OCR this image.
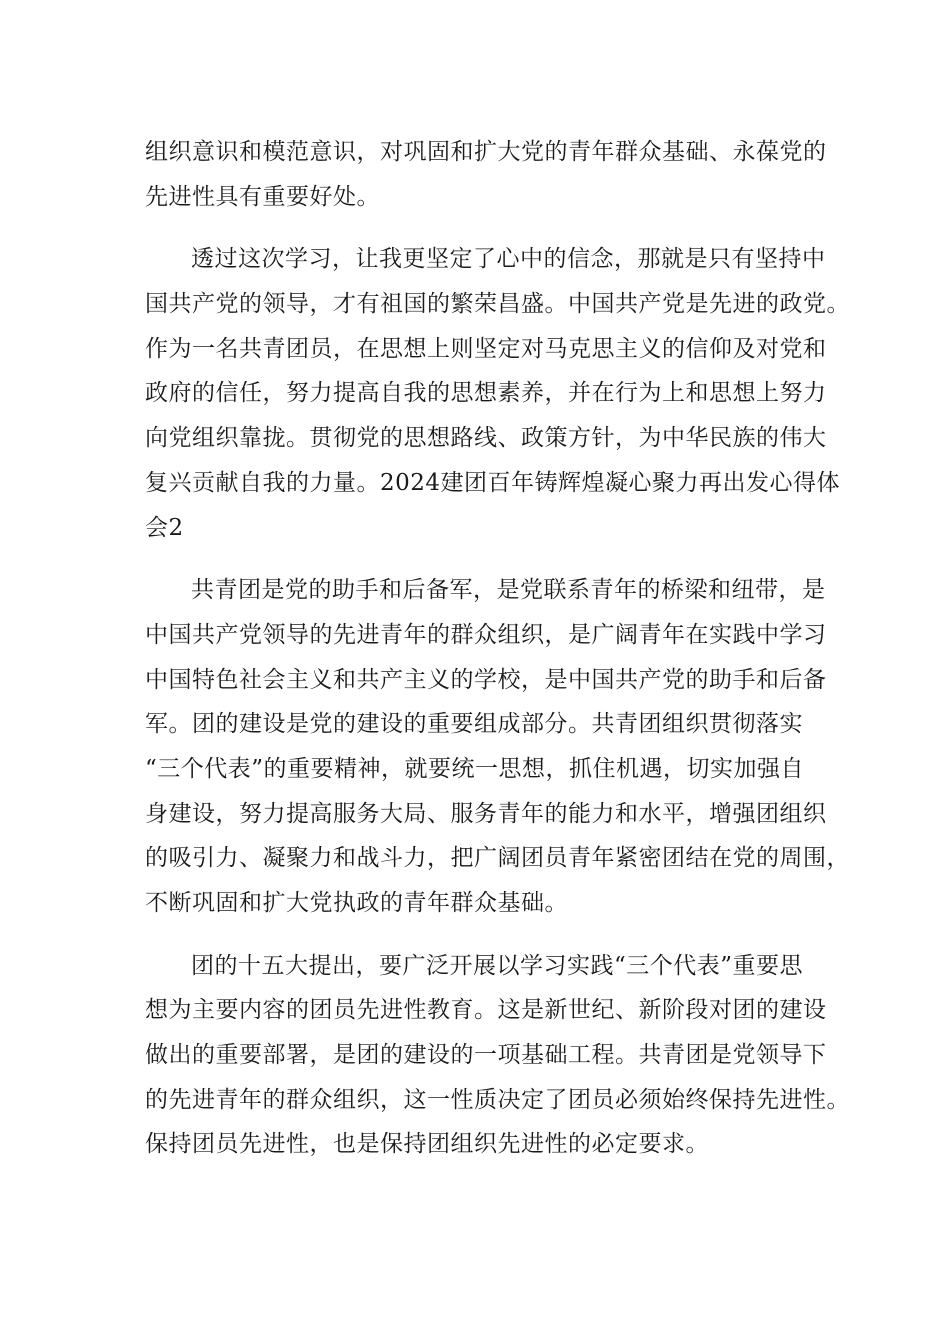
组织意识和模范意识，对巩固和扩大党的青年群众基础、永葆党的
先进性具有重要好处。
透过这次学习，让我更坚定了心中的信念，那就是只有坚持中
国共产党的领导，才有祖国的繁荣昌盛。中国共产党是先进的政党。
作为一名共青团员，在思想上则坚定对马克思主义的信仰及对党和
政府的信任，努力提高自我的思想素养，并在行为上和思想上努力
向党组织靠拢。贯彻党的思想路线、政策方针，为中华民族的伟大
复兴贡献自我的力量。2024建团百年铸辉煌凝心聚力再出发心得体
会2
共青团是党的助手和后备军，是党联系青年的桥梁和纽带，是
中国共产党领导的先进青年的群众组织，是广阔青年在实践中学习
中国特色社会主义和共产主义的学校，是中国共产党的助手和后备
军。团的建设是党的建设的重要组成部分。共青团组织贯彻落实
“三个代表”的重要精神，就要统一思想，抓住机遇，切实加强自
身建设，努力提高服务大局、服务青年的能力和水平，增强团组织
的吸引力、凝聚力和战斗力，把广阔团员青年紧密团结在党的周围，
不断巩固和扩大党执政的青年群众基础。
团的十五大提出，要广泛开展以学习实践“三个代表”重要思
想为主要内容的团员先进性教育。这是新世纪、新阶段对团的建设
做出的重要部署，是团的建设的一项基础工程。共青团是党领导下
的先进青年的群众组织，这一性质决定了团员必须始终保持先进性。
保持团员先进性，也是保持团组织先进性的必定要求。
